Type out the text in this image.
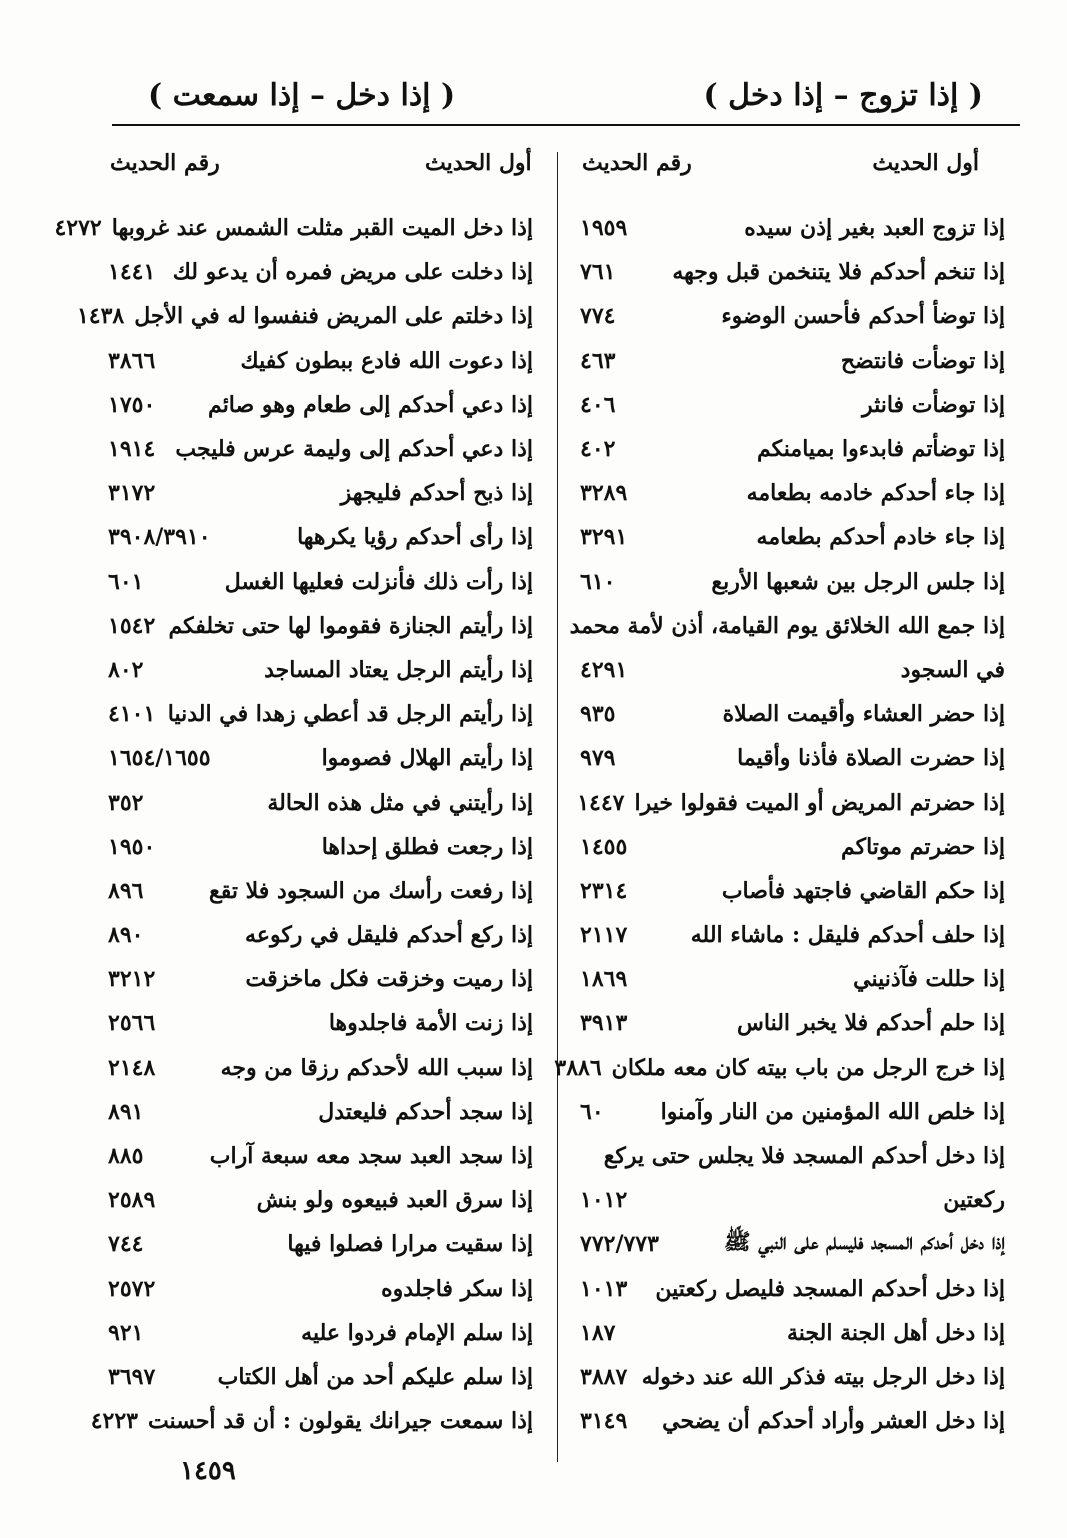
( إذا تزوج – إذا دخل )
( إذا دخل – إذا سمعت )
أول الحديث
رقم الحديث
أول الحديث
رقم الحديث
إذا تزوج العبد بغير إذن سيده
١٩٥٩
إذا تنخم أحدكم فلا يتنخمن قبل وجهه
٧٦١
إذا توضأ أحدكم فأحسن الوضوء
٧٧٤
إذا توضأت فانتضح
٤٦٣
إذا توضأت فانثر
٤٠٦
إذا توضأتم فابدءوا بميامنكم
٤٠٢
إذا جاء أحدكم خادمه بطعامه
٣٢٨٩
إذا جاء خادم أحدكم بطعامه
٣٢٩١
إذا جلس الرجل بين شعبها الأربع
٦١٠
إذا جمع الله الخلائق يوم القيامة، أذن لأمة محمد
في السجود
٤٢٩١
إذا حضر العشاء وأقيمت الصلاة
٩٣٥
إذا حضرت الصلاة فأذنا وأقيما
٩٧٩
إذا حضرتم المريض أو الميت فقولوا خيرا
١٤٤٧
إذا حضرتم موتاكم
١٤٥٥
إذا حكم القاضي فاجتهد فأصاب
٢٣١٤
إذا حلف أحدكم فليقل : ماشاء الله
٢١١٧
إذا حللت فآذنيني
١٨٦٩
إذا حلم أحدكم فلا يخبر الناس
٣٩١٣
إذا خرج الرجل من باب بيته كان معه ملكان
٣٨٨٦
إذا خلص الله المؤمنين من النار وآمنوا
٦٠
إذا دخل أحدكم المسجد فلا يجلس حتى يركع
ركعتين
١٠١٢
إذا دخل أحدكم المسجد فليسلم على النبي ﷺ
٧٧٢/٧٧٣
إذا دخل أحدكم المسجد فليصل ركعتين
١٠١٣
إذا دخل أهل الجنة الجنة
١٨٧
إذا دخل الرجل بيته فذكر الله عند دخوله
٣٨٨٧
إذا دخل العشر وأراد أحدكم أن يضحي
٣١٤٩
إذا دخل الميت القبر مثلت الشمس عند غروبها
٤٢٧٢
إذا دخلت على مريض فمره أن يدعو لك
١٤٤١
إذا دخلتم على المريض فنفسوا له في الأجل
١٤٣٨
إذا دعوت الله فادع ببطون كفيك
٣٨٦٦
إذا دعي أحدكم إلى طعام وهو صائم
١٧٥٠
إذا دعي أحدكم إلى وليمة عرس فليجب
١٩١٤
إذا ذبح أحدكم فليجهز
٣١٧٢
إذا رأى أحدكم رؤيا يكرهها
٣٩٠٨/٣٩١٠
إذا رأت ذلك فأنزلت فعليها الغسل
٦٠١
إذا رأيتم الجنازة فقوموا لها حتى تخلفكم
١٥٤٢
إذا رأيتم الرجل يعتاد المساجد
٨٠٢
إذا رأيتم الرجل قد أعطي زهدا في الدنيا
٤١٠١
إذا رأيتم الهلال فصوموا
١٦٥٤/١٦٥٥
إذا رأيتني في مثل هذه الحالة
٣٥٢
إذا رجعت فطلق إحداها
١٩٥٠
إذا رفعت رأسك من السجود فلا تقع
٨٩٦
إذا ركع أحدكم فليقل في ركوعه
٨٩٠
إذا رميت وخزقت فكل ماخزقت
٣٢١٢
إذا زنت الأمة فاجلدوها
٢٥٦٦
إذا سبب الله لأحدكم رزقا من وجه
٢١٤٨
إذا سجد أحدكم فليعتدل
٨٩١
إذا سجد العبد سجد معه سبعة آراب
٨٨٥
إذا سرق العبد فبيعوه ولو بنش
٢٥٨٩
إذا سقيت مرارا فصلوا فيها
٧٤٤
إذا سكر فاجلدوه
٢٥٧٢
إذا سلم الإمام فردوا عليه
٩٢١
إذا سلم عليكم أحد من أهل الكتاب
٣٦٩٧
إذا سمعت جيرانك يقولون : أن قد أحسنت
٤٢٢٣
١٤٥٩
